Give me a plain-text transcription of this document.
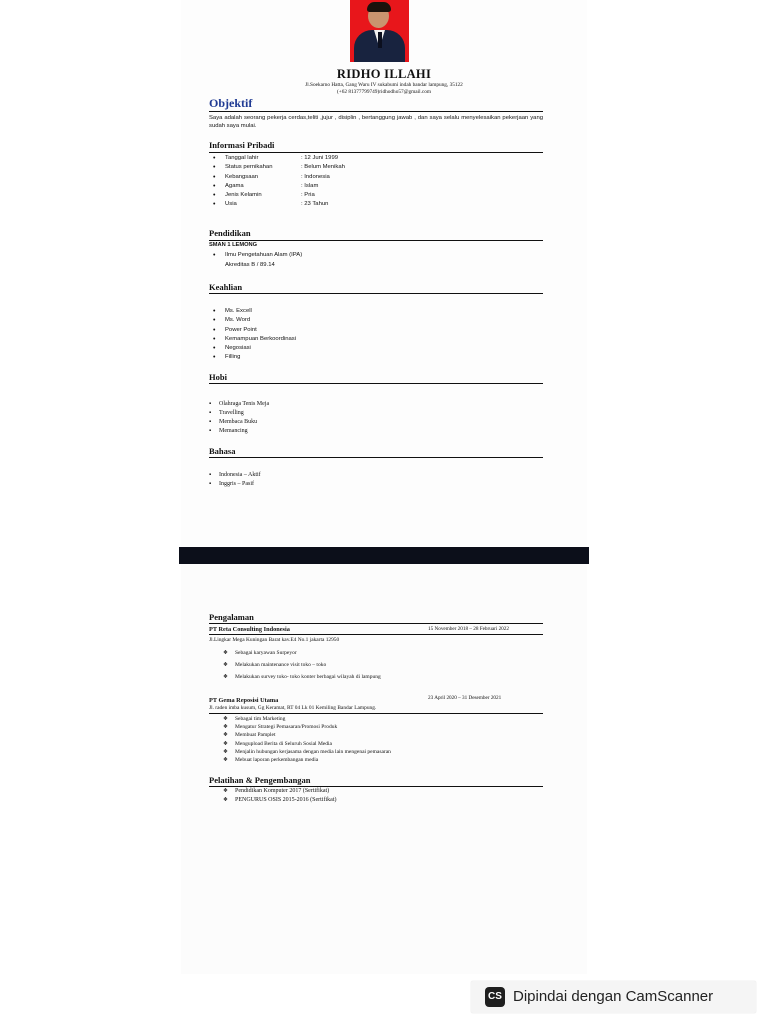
RIDHO ILLAHI
Jl.Soekarno Hatta, Gang Waru IV sukabumi indah bandar lampung, 35122
(+62 81377799749)ridhodho57@gmail.com
Objektif
Saya adalah seorang pekerja cerdas,teliti ,jujur , disiplin , bertanggung jawab , dan saya selalu menyelesaikan pekerjaan yang sudah saya mulai.
Informasi Pribadi
• Tanggal lahir	: 12 Juni 1999
• Status pernikahan	: Belum Menikah
• Kebangsaan	: Indonesia
• Agama	: Islam
• Jenis Kelamin	: Pria
• Usia	: 23 Tahun
Pendidikan
SMAN 1 LEMONG
• Ilmu Pengetahuan Alam (IPA)
Akreditas B / 89.14
Keahlian
• Ms. Excell
• Ms. Word
• Power Point
• Kemampuan Berkoordinasi
• Negosiasi
• Filling
Hobi
▪ Olahraga Tenis Meja
▪ Travelling
▪ Membaca Buku
▪ Memancing
Bahasa
▪ Indonesia – Aktif
▪ Inggris – Pasif
Pengalaman
PT Reta Consulting Indonesia	15 November 2018 – 28 Februari 2022
Jl.Lingkar Mega Kuningan Barat kav.E4 No.1 jakarta 12950
❖ Sebagai karyawan Surpeyor
❖ Melakukan maintenance visit toko – toko
❖ Melakukan survey toko- toko konter berbagai wilayah di lampung
PT Gema Reposisi Utama	23 April 2020 – 31 Desember 2021
Jl. raden imba kusum, Gg Keramat, RT 04 Lk 01 Kemiling Bandar Lampung.
❖ Sebagai tim Marketing
❖ Mengatur Strategi Pemasaran/Promosi Produk
❖ Membuat Pamplet
❖ Mengupload Berita di Seluruh Sosial Media
❖ Menjalin hubungan kerjasama dengan media lain mengenai pemasaran
❖ Mebuat laporan perkembangan media
Pelatihan & Pengembangan
❖ Pendidikan Komputer 2017 (Sertifikat)
❖ PENGURUS OSIS 2015-2016 (Sertifikat)
CS Dipindai dengan CamScanner
